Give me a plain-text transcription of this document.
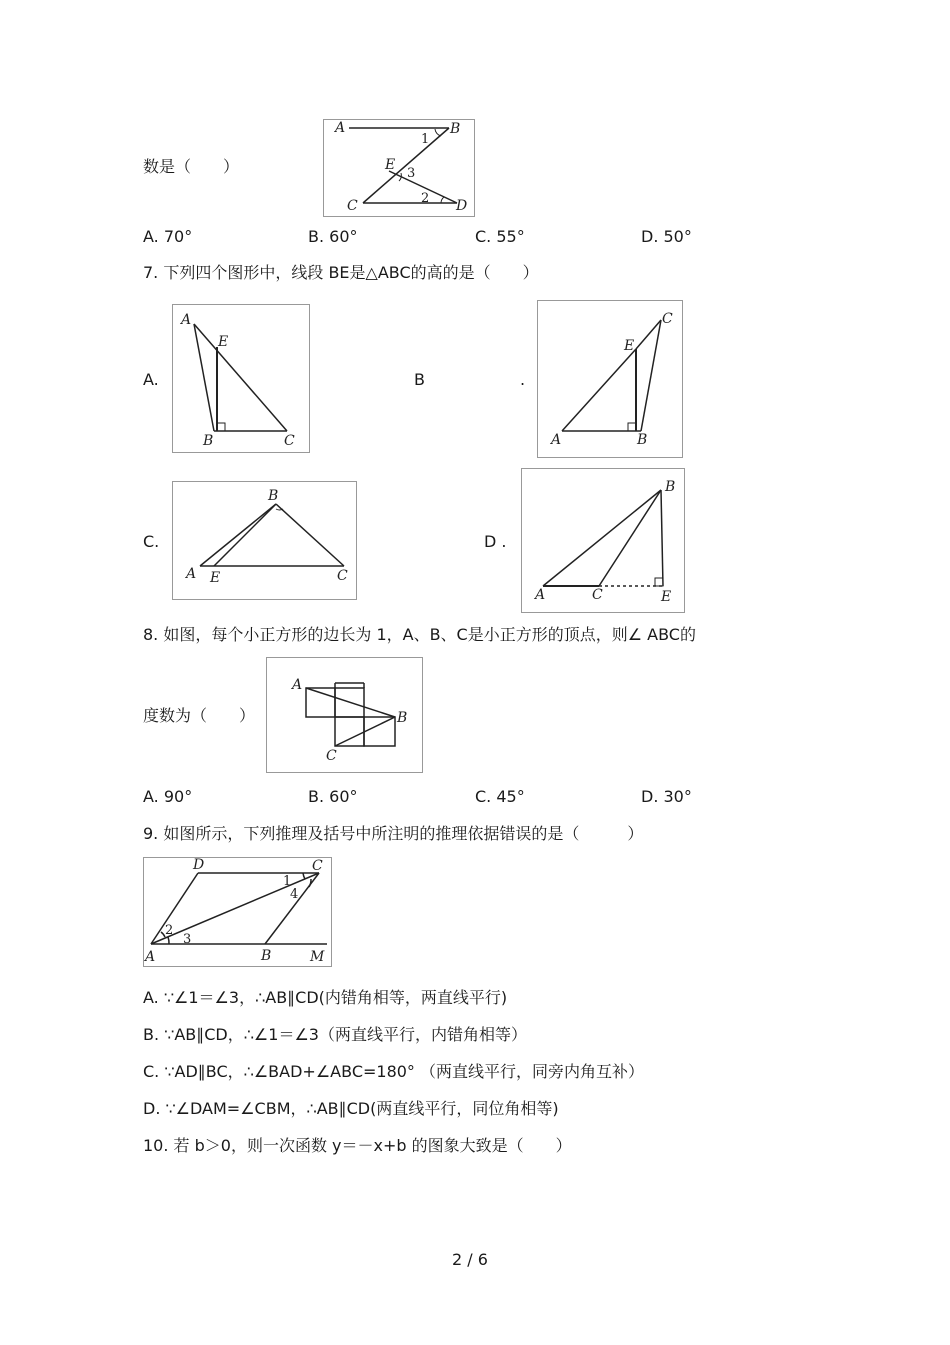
数是（　　）
A	B
E
C	D
1
3
2
A. 70°	B. 60°	C. 55°	D. 50°
7. 下列四个图形中，线段 BE是△ABC的高的是（　　）
A.
A
E
B	C
B	.
C
E
A	B
C.
B
A E	C
D .
B
A	C	E
8. 如图，每个小正方形的边长为 1，A、B、C是小正方形的顶点，则∠ ABC的
度数为（　　）
A
B
C
A. 90°	B. 60°	C. 45°	D. 30°
9. 如图所示，下列推理及括号中所注明的推理依据错误的是（　　　）
D	C
A	B	M
1
4
2
3
A. ∵∠1＝∠3，∴AB∥CD(内错角相等，两直线平行)
B. ∵AB∥CD，∴∠1＝∠3（两直线平行，内错角相等）
C. ∵AD∥BC，∴∠BAD+∠ABC=180° （两直线平行，同旁内角互补）
D. ∵∠DAM=∠CBM，∴AB∥CD(两直线平行，同位角相等)
10. 若 b＞0，则一次函数 y＝－x+b 的图象大致是（　　）
2 / 6
